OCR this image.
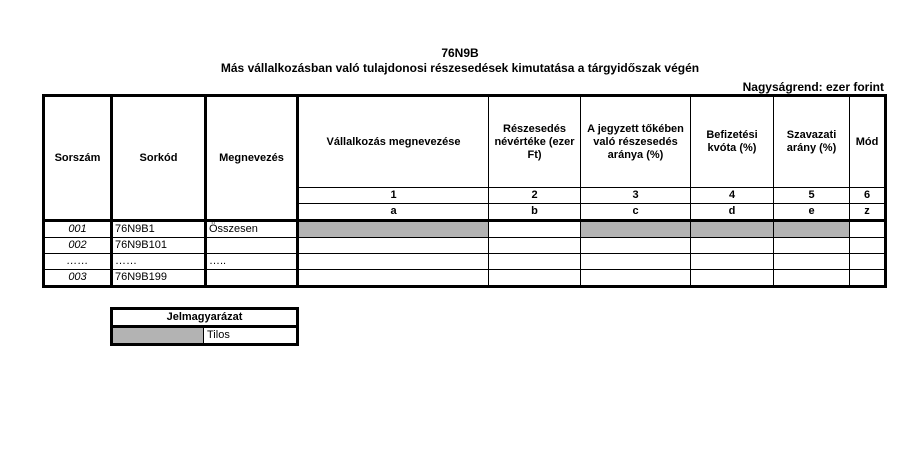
76N9B
Más vállalkozásban való tulajdonosi részesedések kimutatása a tárgyidőszak végén
Nagyságrend: ezer forint
Sorszám	Sorkód	Megnevezés	Vállalkozás megnevezése	Részesedés névértéke (ezer Ft)	A jegyzett tőkében való részesedés aránya (%)	Befizetési kvóta (%)	Szavazati arány (%)	Mód
			1	2	3	4	5	6
			a	b	c	d	e	z
001	76N9B1	Összesen						
002	76N9B101							
……	……	…..						
003	76N9B199							
Jelmagyarázat
	Tilos
